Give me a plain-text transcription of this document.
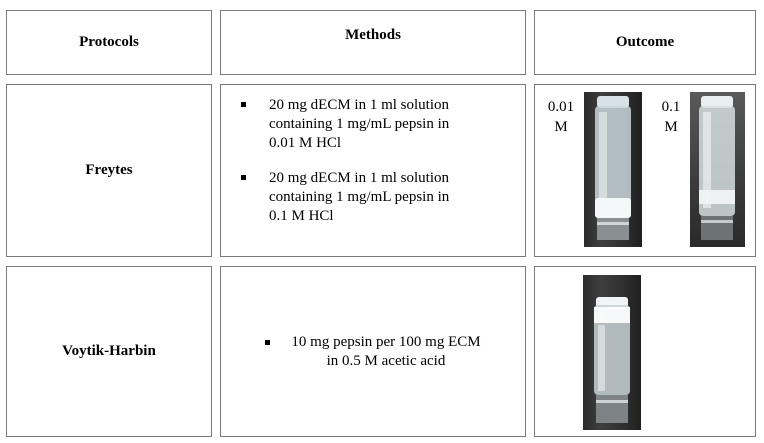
Protocols	Methods	Outcome
Freytes
20 mg dECM in 1 ml solution
containing 1 mg/mL pepsin in
0.01 M HCl
20 mg dECM in 1 ml solution
containing 1 mg/mL pepsin in
0.1 M HCl
0.01
M
0.1
M
Voytik-Harbin
10 mg pepsin per 100 mg ECM
in 0.5 M acetic acid
